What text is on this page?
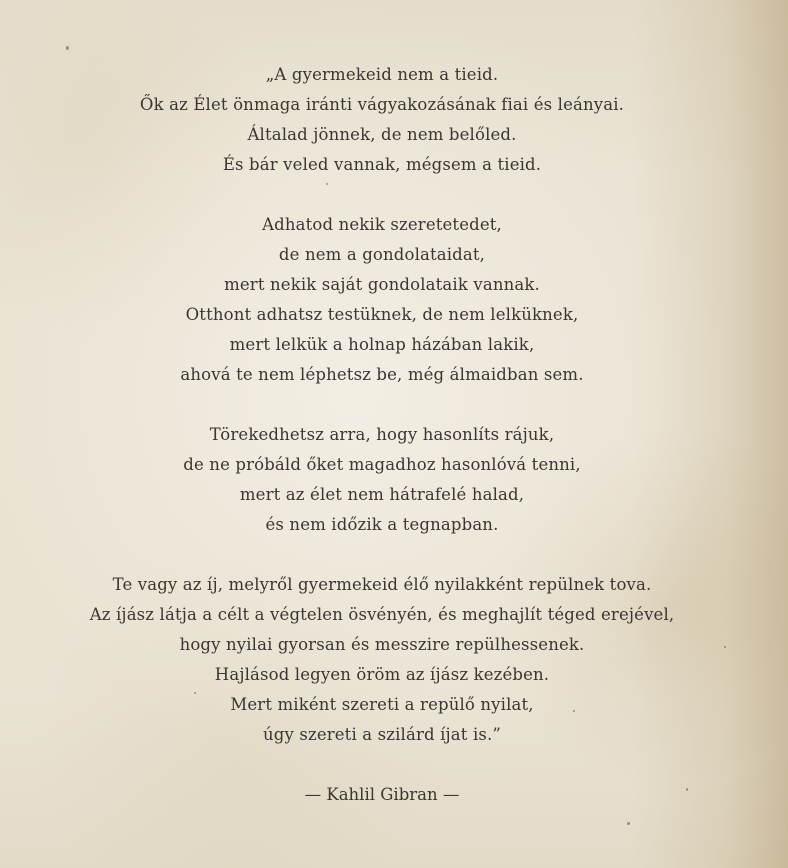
„A gyermekeid nem a tieid.
Ők az Élet önmaga iránti vágyakozásának fiai és leányai.
Általad jönnek, de nem belőled.
És bár veled vannak, mégsem a tieid.
Adhatod nekik szeretetedet,
de nem a gondolataidat,
mert nekik saját gondolataik vannak.
Otthont adhatsz testüknek, de nem lelküknek,
mert lelkük a holnap házában lakik,
ahová te nem léphetsz be, még álmaidban sem.
Törekedhetsz arra, hogy hasonlíts rájuk,
de ne próbáld őket magadhoz hasonlóvá tenni,
mert az élet nem hátrafelé halad,
és nem időzik a tegnapban.
Te vagy az íj, melyről gyermekeid élő nyilakként repülnek tova.
Az íjász látja a célt a végtelen ösvényén, és meghajlít téged erejével,
hogy nyilai gyorsan és messzire repülhessenek.
Hajlásod legyen öröm az íjász kezében.
Mert miként szereti a repülő nyilat,
úgy szereti a szilárd íjat is.”
— Kahlil Gibran —
